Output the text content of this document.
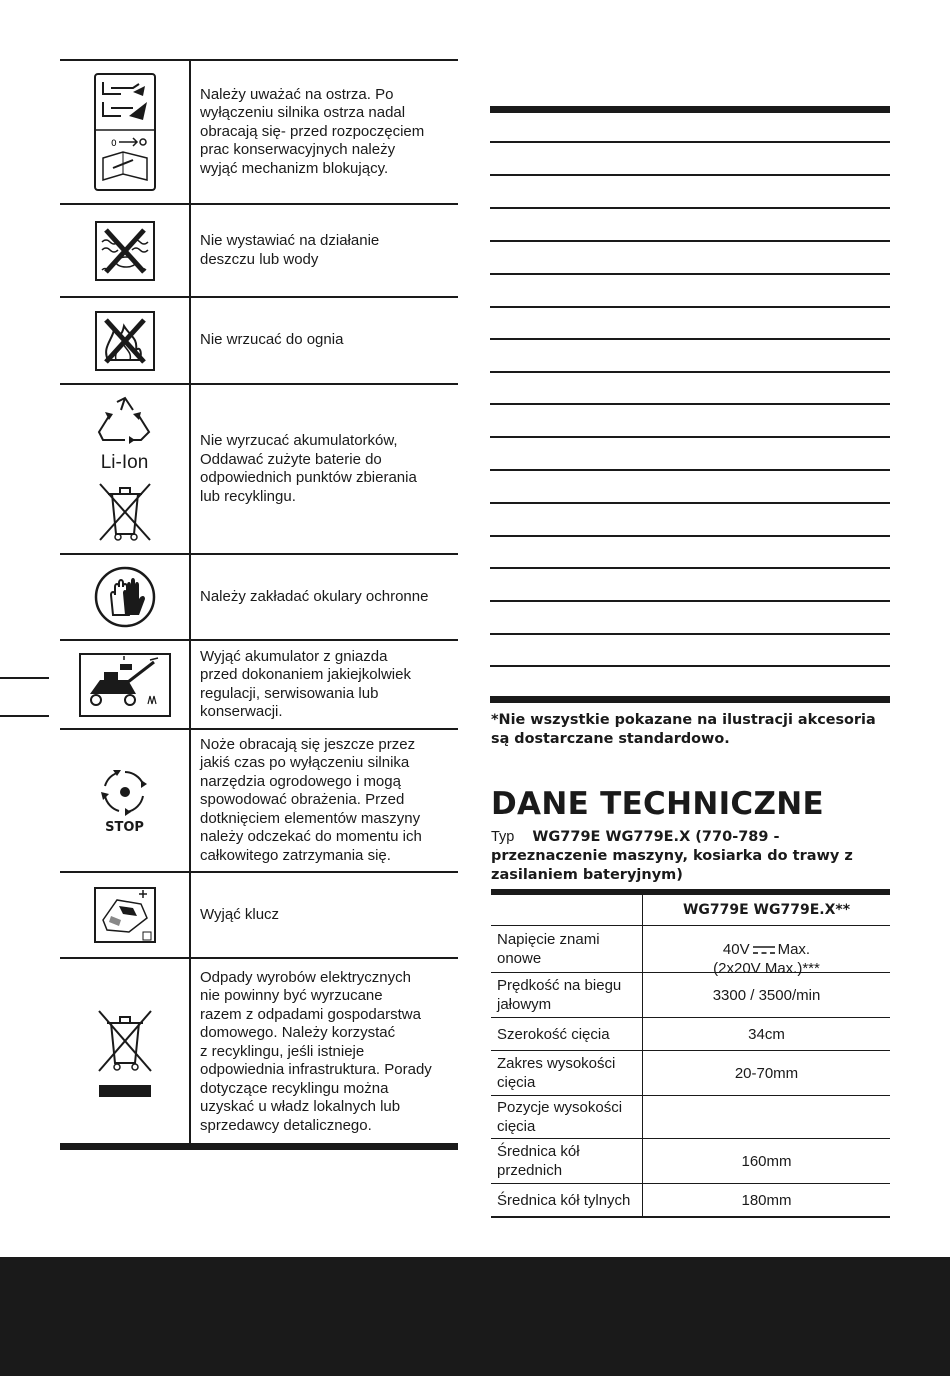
0
Należy uważać na ostrza. Po
wyłączeniu silnika ostrza nadal
obracają się- przed rozpoczęciem
prac konserwacyjnych należy
wyjąć mechanizm blokujący.
Nie wystawiać na działanie
deszczu lub wody
Nie wrzucać do ognia
Li-Ion
Nie wyrzucać akumulatorków,
Oddawać zużyte baterie do
odpowiednich punktów zbierania
lub recyklingu.
Należy zakładać okulary ochronne
Wyjąć akumulator z gniazda
przed dokonaniem jakiejkolwiek
regulacji, serwisowania lub
konserwacji.
STOP
Noże obracają się jeszcze przez
jakiś czas po wyłączeniu silnika
narzędzia ogrodowego i mogą
spowodować obrażenia. Przed
dotknięciem elementów maszyny
należy odczekać do momentu ich
całkowitego zatrzymania się.
Wyjąć klucz
Odpady wyrobów elektrycznych
nie powinny być wyrzucane
razem z odpadami gospodarstwa
domowego. Należy korzystać
z recyklingu, jeśli istnieje
odpowiednia infrastruktura. Porady
dotyczące recyklingu można
uzyskać u władz lokalnych lub
sprzedawcy detalicznego.
*Nie wszystkie pokazane na ilustracji akcesoria są dostarczane standardowo.
DANE TECHNICZNE
Typ WG779E WG779E.X (770-789 - przeznaczenie maszyny, kosiarka do trawy z zasilaniem bateryjnym)
WG779E WG779E.X**
Napięcie znami
onowe

40V Max.
(2x20V Max.)***

Prędkość na biegu
jałowym
3300 / 3500/min
Szerokość cięcia	34cm
Zakres wysokości
cięcia
20-70mm
Pozycje wysokości
cięcia
Średnica kół
przednich
160mm
Średnica kół tylnych	180mm
